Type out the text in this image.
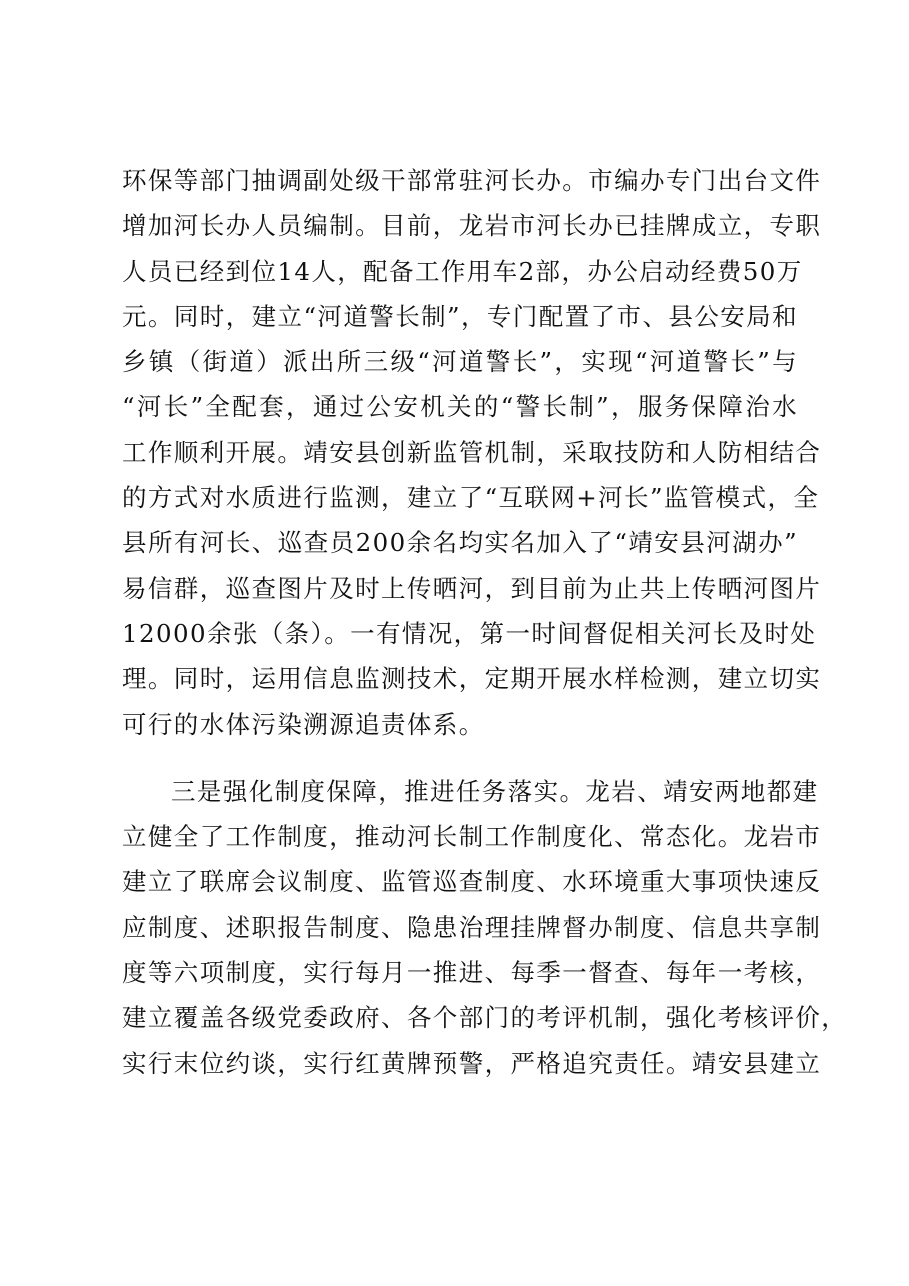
环保等部门抽调副处级干部常驻河长办。市编办专门出台文件
增加河长办人员编制。目前，龙岩市河长办已挂牌成立，专职
人员已经到位14人，配备工作用车2部，办公启动经费50万
元。同时，建立“河道警长制”，专门配置了市、县公安局和
乡镇（街道）派出所三级“河道警长”，实现“河道警长”与
“河长”全配套，通过公安机关的“警长制”，服务保障治水
工作顺利开展。靖安县创新监管机制，采取技防和人防相结合
的方式对水质进行监测，建立了“互联网+河长”监管模式，全
县所有河长、巡查员200余名均实名加入了“靖安县河湖办”
易信群，巡查图片及时上传晒河，到目前为止共上传晒河图片
12000余张（条）。一有情况，第一时间督促相关河长及时处
理。同时，运用信息监测技术，定期开展水样检测，建立切实
可行的水体污染溯源追责体系。
三是强化制度保障，推进任务落实。龙岩、靖安两地都建
立健全了工作制度，推动河长制工作制度化、常态化。龙岩市
建立了联席会议制度、监管巡查制度、水环境重大事项快速反
应制度、述职报告制度、隐患治理挂牌督办制度、信息共享制
度等六项制度，实行每月一推进、每季一督查、每年一考核，
建立覆盖各级党委政府、各个部门的考评机制，强化考核评价，
实行末位约谈，实行红黄牌预警，严格追究责任。靖安县建立
